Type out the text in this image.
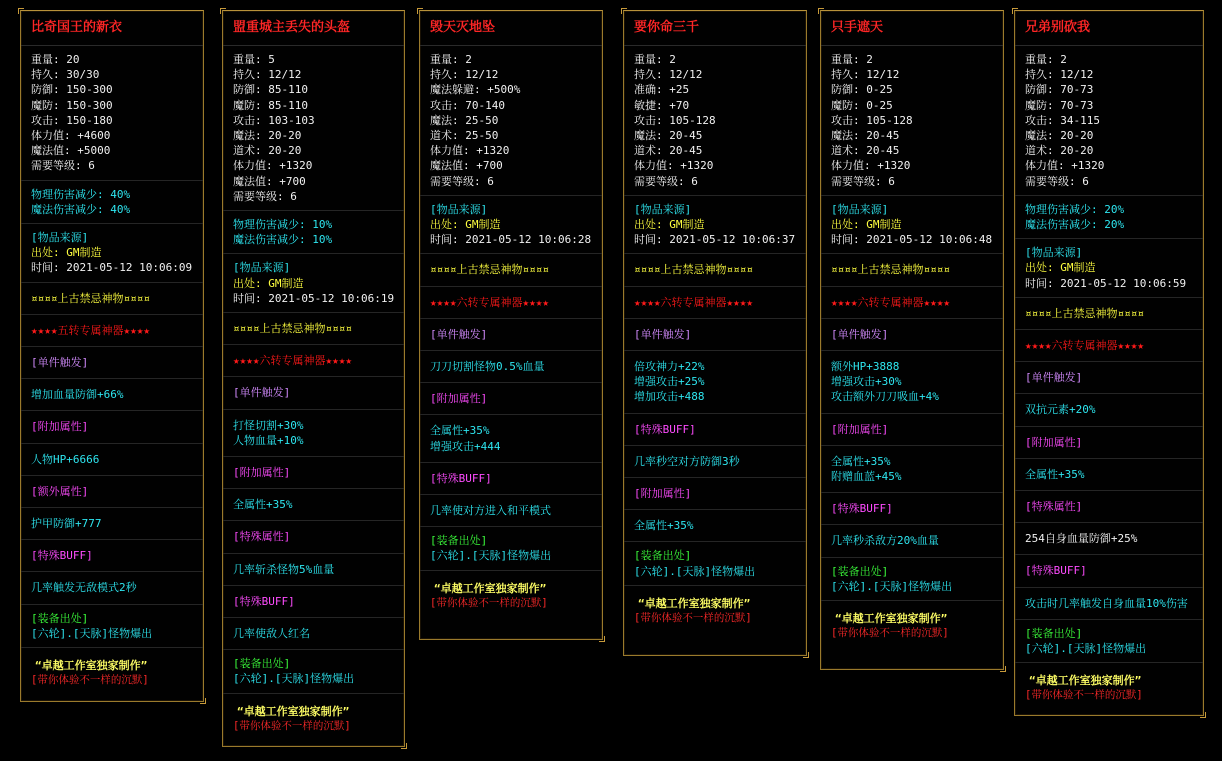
比奇国王的新衣
重量: 20
持久: 30/30
防御: 150-300
魔防: 150-300
攻击: 150-180
体力值: +4600
魔法值: +5000
需要等级: 6
物理伤害减少: 40%
魔法伤害减少: 40%
[物品来源]
出处: GM制造
时间: 2021-05-12 10:06:09
¤¤¤¤上古禁忌神物¤¤¤¤
★★★★五转专属神器★★★★
[单件触发]
增加血量防御+66%
[附加属性]
人物HP+6666
[额外属性]
护甲防御+777
[特殊BUFF]
几率触发无敌模式2秒
[装备出处]
[六轮].[天脉]怪物爆出
“卓越工作室独家制作”
[带你体验不一样的沉默]
盟重城主丢失的头盔
重量: 5
持久: 12/12
防御: 85-110
魔防: 85-110
攻击: 103-103
魔法: 20-20
道术: 20-20
体力值: +1320
魔法值: +700
需要等级: 6
物理伤害减少: 10%
魔法伤害减少: 10%
[物品来源]
出处: GM制造
时间: 2021-05-12 10:06:19
¤¤¤¤上古禁忌神物¤¤¤¤
★★★★六转专属神器★★★★
[单件触发]
打怪切割+30%
人物血量+10%
[附加属性]
全属性+35%
[特殊属性]
几率斩杀怪物5%血量
[特殊BUFF]
几率使敌人红名
[装备出处]
[六轮].[天脉]怪物爆出
“卓越工作室独家制作”
[带你体验不一样的沉默]
毁天灭地坠
重量: 2
持久: 12/12
魔法躲避: +500%
攻击: 70-140
魔法: 25-50
道术: 25-50
体力值: +1320
魔法值: +700
需要等级: 6
[物品来源]
出处: GM制造
时间: 2021-05-12 10:06:28
¤¤¤¤上古禁忌神物¤¤¤¤
★★★★六转专属神器★★★★
[单件触发]
刀刀切割怪物0.5%血量
[附加属性]
全属性+35%
增强攻击+444
[特殊BUFF]
几率使对方进入和平模式
[装备出处]
[六轮].[天脉]怪物爆出
“卓越工作室独家制作”
[带你体验不一样的沉默]
要你命三千
重量: 2
持久: 12/12
准确: +25
敏捷: +70
攻击: 105-128
魔法: 20-45
道术: 20-45
体力值: +1320
需要等级: 6
[物品来源]
出处: GM制造
时间: 2021-05-12 10:06:37
¤¤¤¤上古禁忌神物¤¤¤¤
★★★★六转专属神器★★★★
[单件触发]
倍攻神力+22%
增强攻击+25%
增加攻击+488
[特殊BUFF]
几率秒空对方防御3秒
[附加属性]
全属性+35%
[装备出处]
[六轮].[天脉]怪物爆出
“卓越工作室独家制作”
[带你体验不一样的沉默]
只手遮天
重量: 2
持久: 12/12
防御: 0-25
魔防: 0-25
攻击: 105-128
魔法: 20-45
道术: 20-45
体力值: +1320
需要等级: 6
[物品来源]
出处: GM制造
时间: 2021-05-12 10:06:48
¤¤¤¤上古禁忌神物¤¤¤¤
★★★★六转专属神器★★★★
[单件触发]
额外HP+3888
增强攻击+30%
攻击额外刀刀吸血+4%
[附加属性]
全属性+35%
附赠血蓝+45%
[特殊BUFF]
几率秒杀敌方20%血量
[装备出处]
[六轮].[天脉]怪物爆出
“卓越工作室独家制作”
[带你体验不一样的沉默]
兄弟别砍我
重量: 2
持久: 12/12
防御: 70-73
魔防: 70-73
攻击: 34-115
魔法: 20-20
道术: 20-20
体力值: +1320
需要等级: 6
物理伤害减少: 20%
魔法伤害减少: 20%
[物品来源]
出处: GM制造
时间: 2021-05-12 10:06:59
¤¤¤¤上古禁忌神物¤¤¤¤
★★★★六转专属神器★★★★
[单件触发]
双抗元素+20%
[附加属性]
全属性+35%
[特殊属性]
254自身血量防御+25%
[特殊BUFF]
攻击时几率触发自身血量10%伤害
[装备出处]
[六轮].[天脉]怪物爆出
“卓越工作室独家制作”
[带你体验不一样的沉默]
